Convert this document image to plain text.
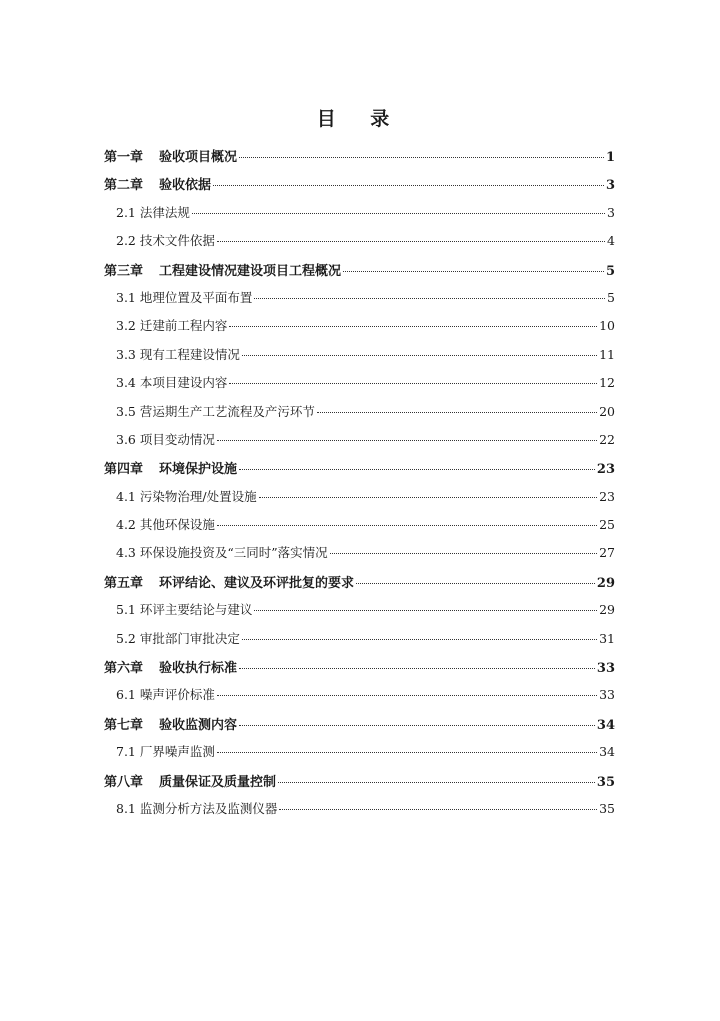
目 录
第一章 验收项目概况	1
第二章 验收依据	3
2.1 法律法规	3
2.2 技术文件依据	4
第三章 工程建设情况建设项目工程概况	5
3.1 地理位置及平面布置	5
3.2 迁建前工程内容	10
3.3 现有工程建设情况	11
3.4 本项目建设内容	12
3.5 营运期生产工艺流程及产污环节	20
3.6 项目变动情况	22
第四章 环境保护设施	23
4.1 污染物治理/处置设施	23
4.2 其他环保设施	25
4.3 环保设施投资及“三同时”落实情况	27
第五章 环评结论、建议及环评批复的要求	29
5.1 环评主要结论与建议	29
5.2 审批部门审批决定	31
第六章 验收执行标准	33
6.1 噪声评价标准	33
第七章 验收监测内容	34
7.1 厂界噪声监测	34
第八章 质量保证及质量控制	35
8.1 监测分析方法及监测仪器	35
